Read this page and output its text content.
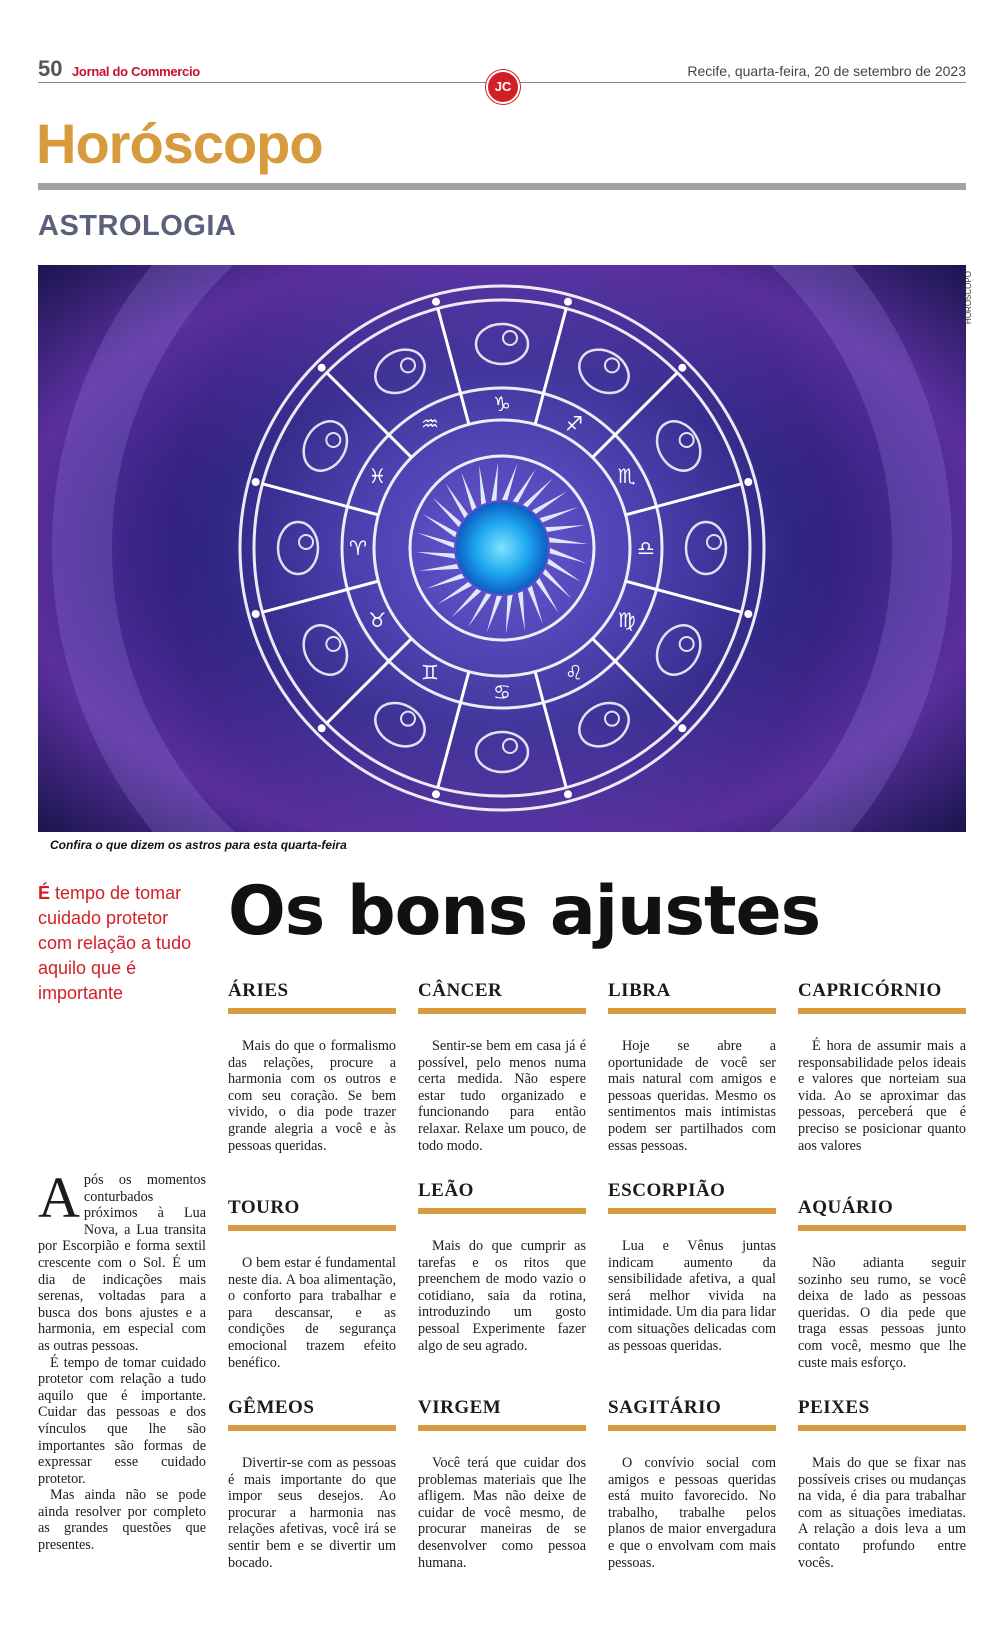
50 Jornal do Commercio
JC
Recife, quarta-feira, 20 de setembro de 2023
Horóscopo
ASTROLOGIA
♑
♐
♏
♎
♍
♌
♋
♊
♉
♈
♓
♒
HORÓSCOPO
Confira o que dizem os astros para esta quarta-feira
É tempo de tomar cuidado protetor com relação a tudo aquilo que é importante
Os bons ajustes

Após os momentos conturbados próximos à Lua Nova, a Lua transita por Escorpião e forma sextil crescente com o Sol. É um dia de indicações mais serenas, voltadas para a busca dos bons ajustes e a harmonia, em especial com as outras pessoas.

É tempo de tomar cuidado protetor com relação a tudo aquilo que é importante. Cuidar das pessoas e dos vínculos que lhe são importantes são formas de expressar esse cuidado protetor.

Mas ainda não se pode ainda resolver por completo as grandes questões que presentes.

ÁRIES

Mais do que o formalismo das relações, procure a harmonia com os outros e com seu coração. Se bem vivido, o dia pode trazer grande alegria a você e às pessoas queridas.

TOURO

O bem estar é fundamental neste dia. A boa alimentação, o conforto para trabalhar e para descansar, e as condições de segurança emocional trazem efeito benéfico.

GÊMEOS

Divertir-se com as pessoas é mais importante do que impor seus desejos. Ao procurar a harmonia nas relações afetivas, você irá se sentir bem e se divertir um bocado.

CÂNCER

Sentir-se bem em casa já é possível, pelo menos numa certa medida. Não espere estar tudo organizado e funcionando para então relaxar. Relaxe um pouco, de todo modo.

LEÃO

Mais do que cumprir as tarefas e os ritos que preenchem de modo vazio o cotidiano, saia da rotina, introduzindo um gosto pessoal Experimente fazer algo de seu agrado.

VIRGEM

Você terá que cuidar dos problemas materiais que lhe afligem. Mas não deixe de cuidar de você mesmo, de procurar maneiras de se desenvolver como pessoa humana.

LIBRA

Hoje se abre a oportunidade de você ser mais natural com amigos e pessoas queridas. Mesmo os sentimentos mais intimistas podem ser partilhados com essas pessoas.

ESCORPIÃO

Lua e Vênus juntas indicam aumento da sensibilidade afetiva, a qual será melhor vivida na intimidade. Um dia para lidar com situações delicadas com as pessoas queridas.

SAGITÁRIO

O convívio social com amigos e pessoas queridas está muito favorecido. No trabalho, trabalhe pelos planos de maior envergadura e que o envolvam com mais pessoas.

CAPRICÓRNIO

É hora de assumir mais a responsabilidade pelos ideais e valores que norteiam sua vida. Ao se aproximar das pessoas, perceberá que é preciso se posicionar quanto aos valores

AQUÁRIO

Não adianta seguir sozinho seu rumo, se você deixa de lado as pessoas queridas. O dia pede que traga essas pessoas junto com você, mesmo que lhe custe mais esforço.

PEIXES

Mais do que se fixar nas possíveis crises ou mudanças na vida, é dia para trabalhar com as situações imediatas. A relação a dois leva a um contato profundo entre vocês.
